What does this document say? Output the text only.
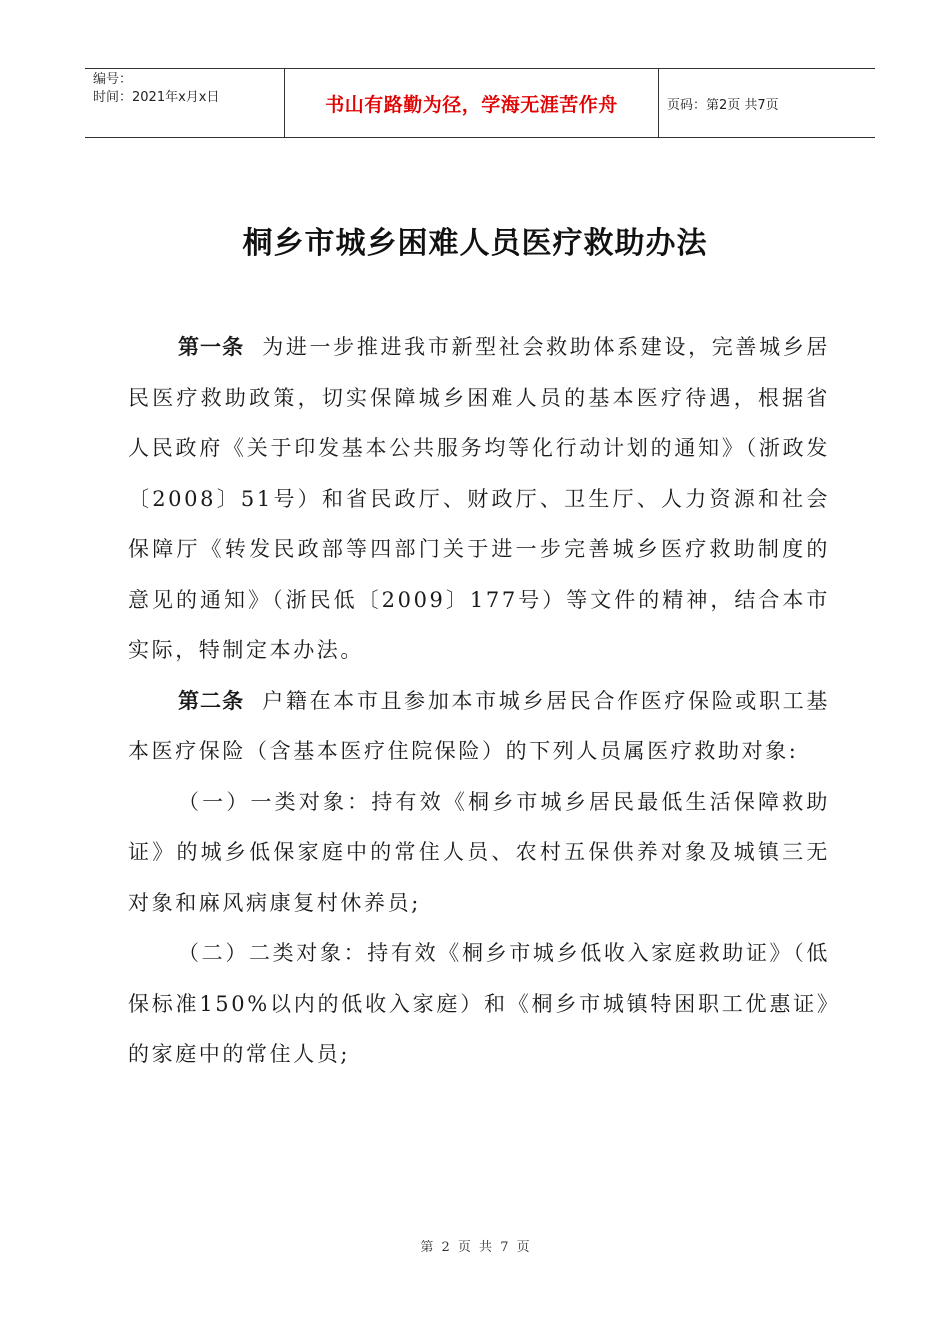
编号：
时间：2021年x月x日	书山有路勤为径，学海无涯苦作舟	页码：第2页 共7页
桐乡市城乡困难人员医疗救助办法

第一条 为进一步推进我市新型社会救助体系建设，完善城乡居民医疗救助政策，切实保障城乡困难人员的基本医疗待遇，根据省人民政府《关于印发基本公共服务均等化行动计划的通知》（浙政发〔2008〕51号）和省民政厅、财政厅、卫生厅、人力资源和社会保障厅《转发民政部等四部门关于进一步完善城乡医疗救助制度的意见的通知》（浙民低〔2009〕177号）等文件的精神，结合本市实际，特制定本办法。

第二条 户籍在本市且参加本市城乡居民合作医疗保险或职工基本医疗保险（含基本医疗住院保险）的下列人员属医疗救助对象:

（一）一类对象：持有效《桐乡市城乡居民最低生活保障救助证》的城乡低保家庭中的常住人员、农村五保供养对象及城镇三无对象和麻风病康复村休养员;

（二）二类对象：持有效《桐乡市城乡低收入家庭救助证》（低保标准150%以内的低收入家庭）和《桐乡市城镇特困职工优惠证》的家庭中的常住人员;

第 2 页 共 7 页
